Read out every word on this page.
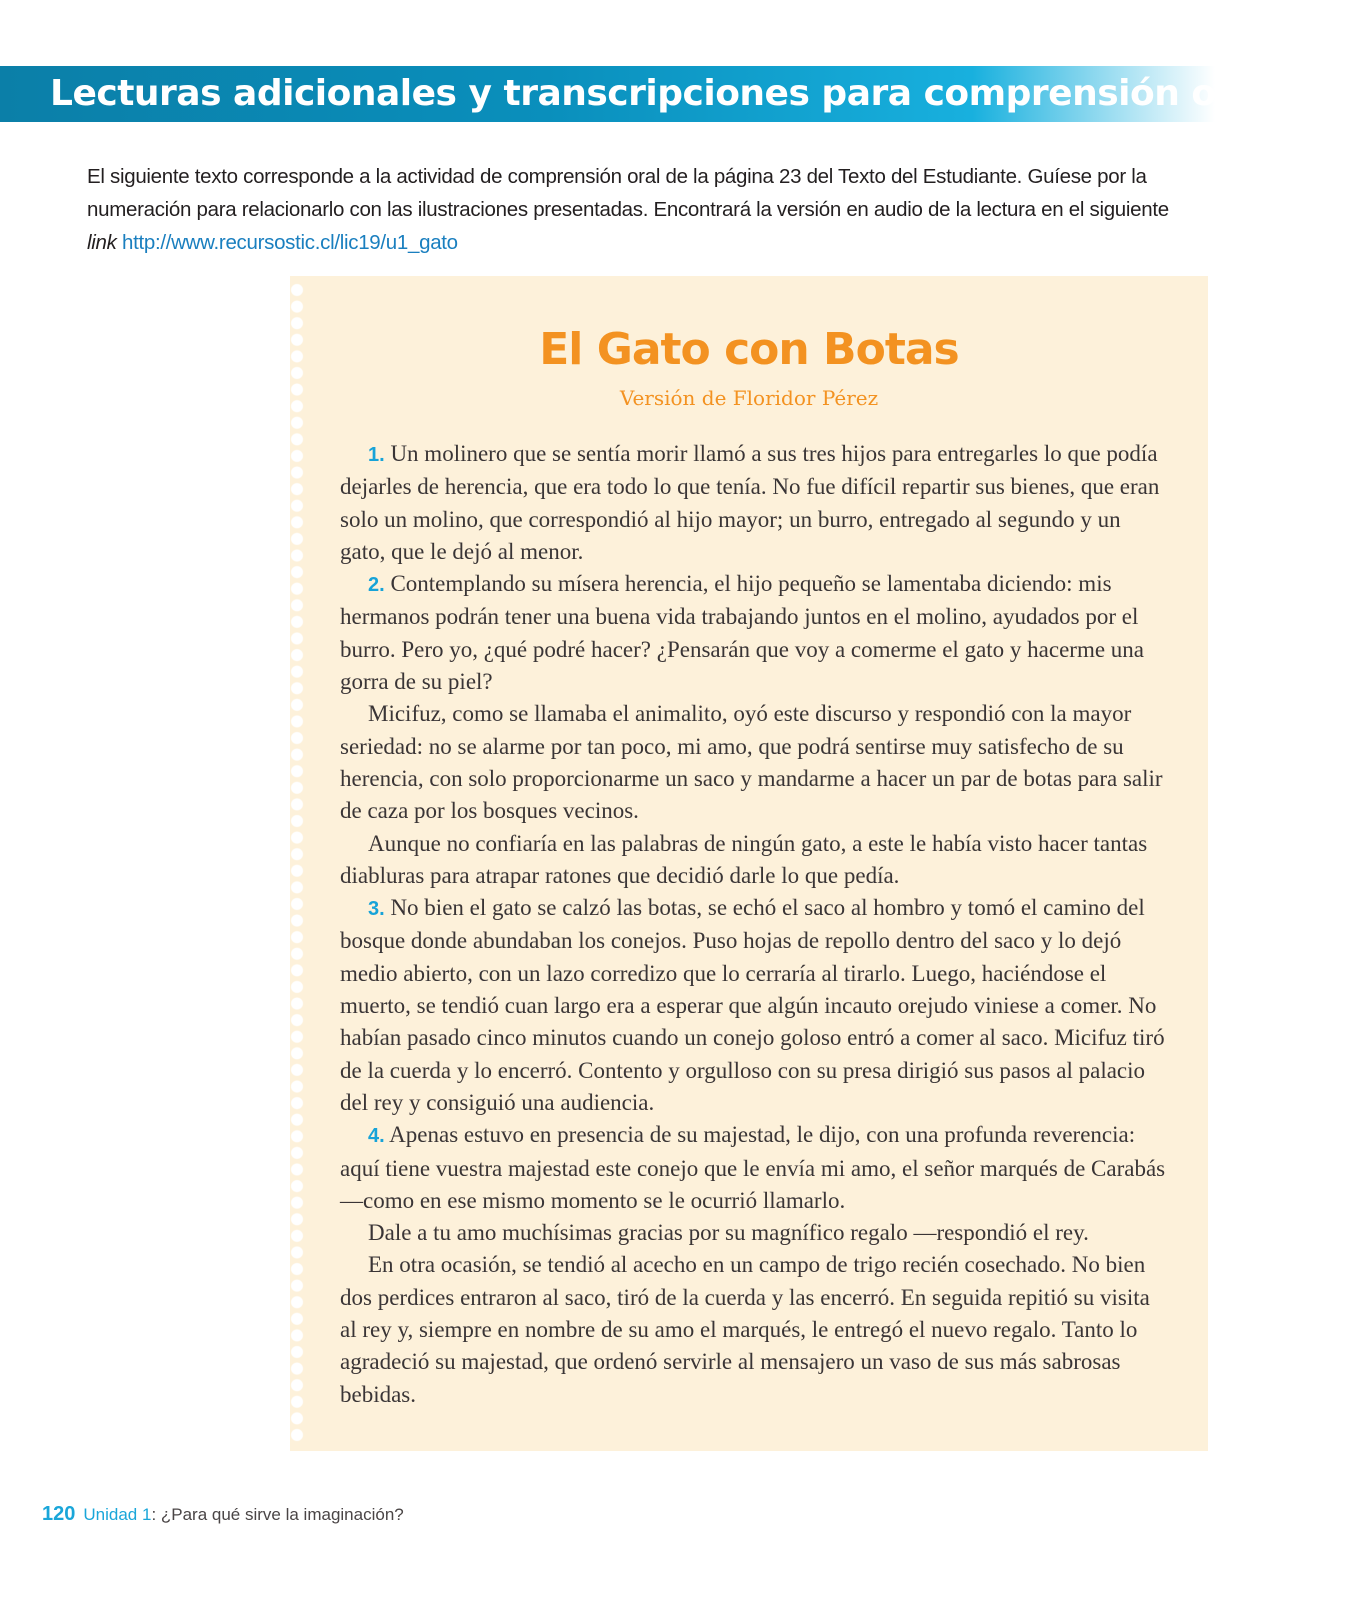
Lecturas adicionales y transcripciones para comprensión oral
El siguiente texto corresponde a la actividad de comprensión oral de la página 23 del Texto del Estudiante. Guíese por la numeración para relacionarlo con las ilustraciones presentadas. Encontrará la versión en audio de la lectura en el siguiente link http://www.recursostic.cl/lic19/u1_gato
El Gato con Botas
Versión de Floridor Pérez

1. Un molinero que se sentía morir llamó a sus tres hijos para entregarles lo que podía dejarles de herencia, que era todo lo que tenía. No fue difícil repartir sus bienes, que eran solo un molino, que correspondió al hijo mayor; un burro, entregado al segundo y un gato, que le dejó al menor.

2. Contemplando su mísera herencia, el hijo pequeño se lamentaba diciendo: mis hermanos podrán tener una buena vida trabajando juntos en el molino, ayudados por el burro. Pero yo, ¿qué podré hacer? ¿Pensarán que voy a comerme el gato y hacerme una gorra de su piel?

Micifuz, como se llamaba el animalito, oyó este discurso y respondió con la mayor seriedad: no se alarme por tan poco, mi amo, que podrá sentirse muy satisfecho de su herencia, con solo proporcionarme un saco y mandarme a hacer un par de botas para salir de caza por los bosques vecinos.

Aunque no confiaría en las palabras de ningún gato, a este le había visto hacer tantas diabluras para atrapar ratones que decidió darle lo que pedía.

3. No bien el gato se calzó las botas, se echó el saco al hombro y tomó el camino del bosque donde abundaban los conejos. Puso hojas de repollo dentro del saco y lo dejó medio abierto, con un lazo corredizo que lo cerraría al tirarlo. Luego, haciéndose el muerto, se tendió cuan largo era a esperar que algún incauto orejudo viniese a comer. No habían pasado cinco minutos cuando un conejo goloso entró a comer al saco. Micifuz tiró de la cuerda y lo encerró. Contento y orgulloso con su presa dirigió sus pasos al palacio del rey y consiguió una audiencia.

4. Apenas estuvo en presencia de su majestad, le dijo, con una profunda reverencia: aquí tiene vuestra majestad este conejo que le envía mi amo, el señor marqués de Carabás —como en ese mismo momento se le ocurrió llamarlo.

Dale a tu amo muchísimas gracias por su magnífico regalo —respondió el rey.

En otra ocasión, se tendió al acecho en un campo de trigo recién cosechado. No bien dos perdices entraron al saco, tiró de la cuerda y las encerró. En seguida repitió su visita al rey y, siempre en nombre de su amo el marqués, le entregó el nuevo regalo. Tanto lo agradeció su majestad, que ordenó servirle al mensajero un vaso de sus más sabrosas bebidas.

120 Unidad 1: ¿Para qué sirve la imaginación?
